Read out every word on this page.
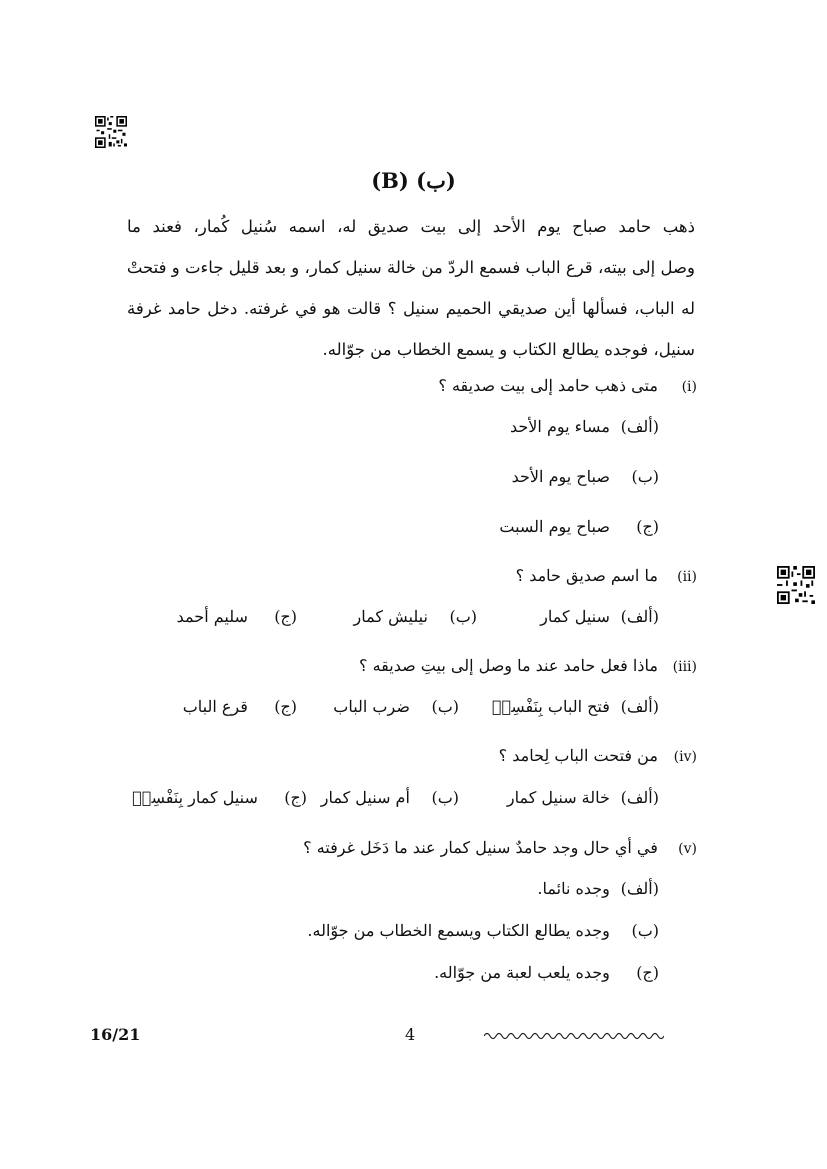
(ب) (B)
ذهب حامد صباح يوم الأحد إلى بيت صديق له، اسمه سُنيل كُمار، فعند ما
وصل إلى بيته، قرع الباب فسمع الردّ من خالة سنيل كمار، و بعد قليل جاءت و فتحتْ
له الباب، فسألها أين صديقي الحميم سنيل ؟ قالت هو في غرفته. دخل حامد غرفة
سنيل، فوجده يطالع الكتاب و يسمع الخطاب من جوّاله.
(i) متى ذهب حامد إلى بيت صديقه ؟
(ألف) مساء يوم الأحد
(ب) صباح يوم الأحد
(ج) صباح يوم السبت
(ii) ما اسم صديق حامد ؟
(ألف) سنيل كمار
(ب) نيليش كمار
(ج) سليم أحمد
(iii) ماذا فعل حامد عند ما وصل إلى بيتِ صديقه ؟
(ألف) فتح الباب بِنَفْسِهٖ
(ب) ضرب الباب
(ج) قرع الباب
(iv) من فتحت الباب لِحامد ؟
(ألف) خالة سنيل كمار
(ب) أم سنيل كمار
(ج) سنيل كمار بِنَفْسِهٖ
(v) في أي حال وجد حامدٌ سنيل كمار عند ما دَخَل غرفته ؟
(ألف) وجده نائما.
(ب) وجده يطالع الكتاب ويسمع الخطاب من جوّاله.
(ج) وجده يلعب لعبة من جوّاله.
16/21	4
